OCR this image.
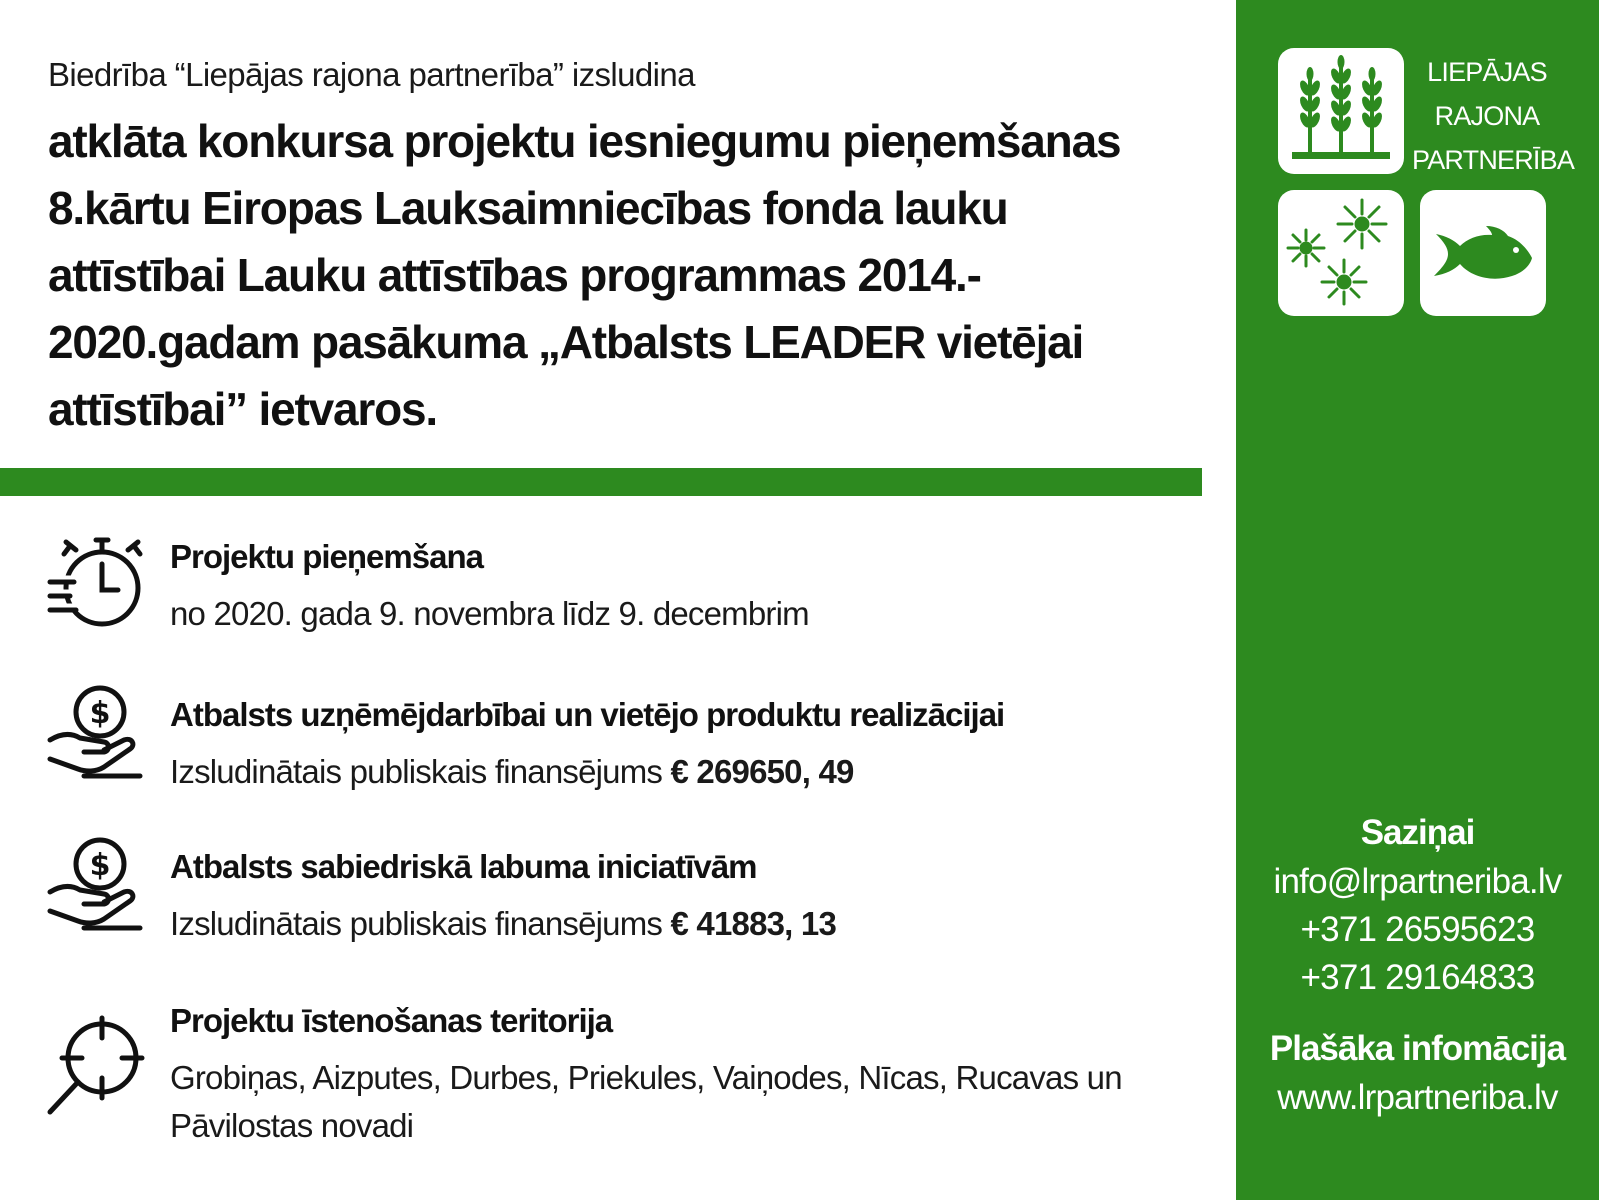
Biedrība “Liepājas rajona partnerība” izsludina
atklāta konkursa projektu iesniegumu pieņemšanas
8.kārtu Eiropas Lauksaimniecības fonda lauku
attīstībai Lauku attīstības programmas 2014.-
2020.gadam pasākuma „Atbalsts LEADER vietējai
attīstībai” ietvaros.
Projektu pieņemšana
no 2020. gada 9. novembra līdz 9. decembrim
$ Atbalsts uzņēmējdarbībai un vietējo produktu realizācijai
Izsludinātais publiskais finansējums € 269650, 49
$ Atbalsts sabiedriskā labuma iniciatīvām
Izsludinātais publiskais finansējums € 41883, 13
Projektu īstenošanas teritorija
Grobiņas, Aizputes, Durbes, Priekules, Vaiņodes, Nīcas, Rucavas un
Pāvilostas novadi
LIEPĀJAS
RAJONA
PARTNERĪBA
Saziņai
info@lrpartneriba.lv
+371 26595623
+371 29164833
Plašāka infomācija
www.lrpartneriba.lv
